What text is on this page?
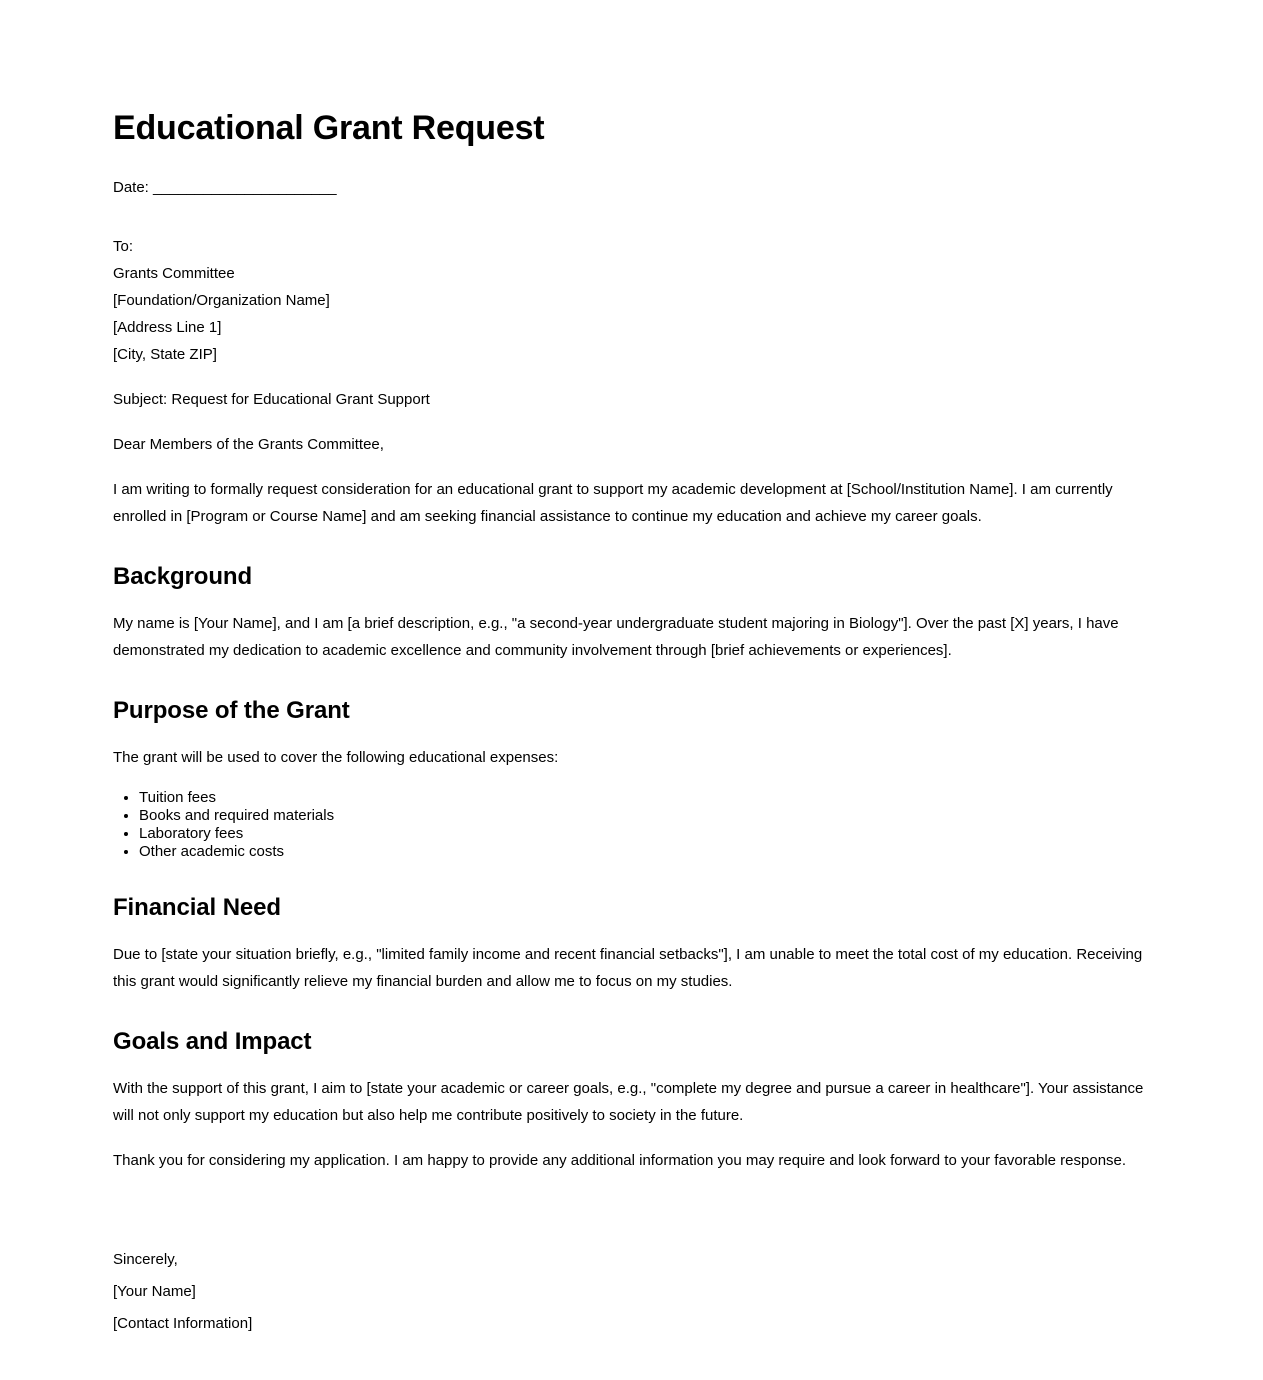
Educational Grant Request
Date: ______________________
To:
Grants Committee
[Foundation/Organization Name]
[Address Line 1]
[City, State ZIP]

Subject: Request for Educational Grant Support

Dear Members of the Grants Committee,

I am writing to formally request consideration for an educational grant to support my academic development at [School/Institution Name]. I am currently enrolled in [Program or Course Name] and am seeking financial assistance to continue my education and achieve my career goals.

Background

My name is [Your Name], and I am [a brief description, e.g., "a second-year undergraduate student majoring in Biology"]. Over the past [X] years, I have demonstrated my dedication to academic excellence and community involvement through [brief achievements or experiences].

Purpose of the Grant

The grant will be used to cover the following educational expenses:

• Tuition fees
• Books and required materials
• Laboratory fees
• Other academic costs
Financial Need

Due to [state your situation briefly, e.g., "limited family income and recent financial setbacks"], I am unable to meet the total cost of my education. Receiving this grant would significantly relieve my financial burden and allow me to focus on my studies.

Goals and Impact

With the support of this grant, I aim to [state your academic or career goals, e.g., "complete my degree and pursue a career in healthcare"]. Your assistance will not only support my education but also help me contribute positively to society in the future.

Thank you for considering my application. I am happy to provide any additional information you may require and look forward to your favorable response.

Sincerely,
[Your Name]
[Contact Information]
